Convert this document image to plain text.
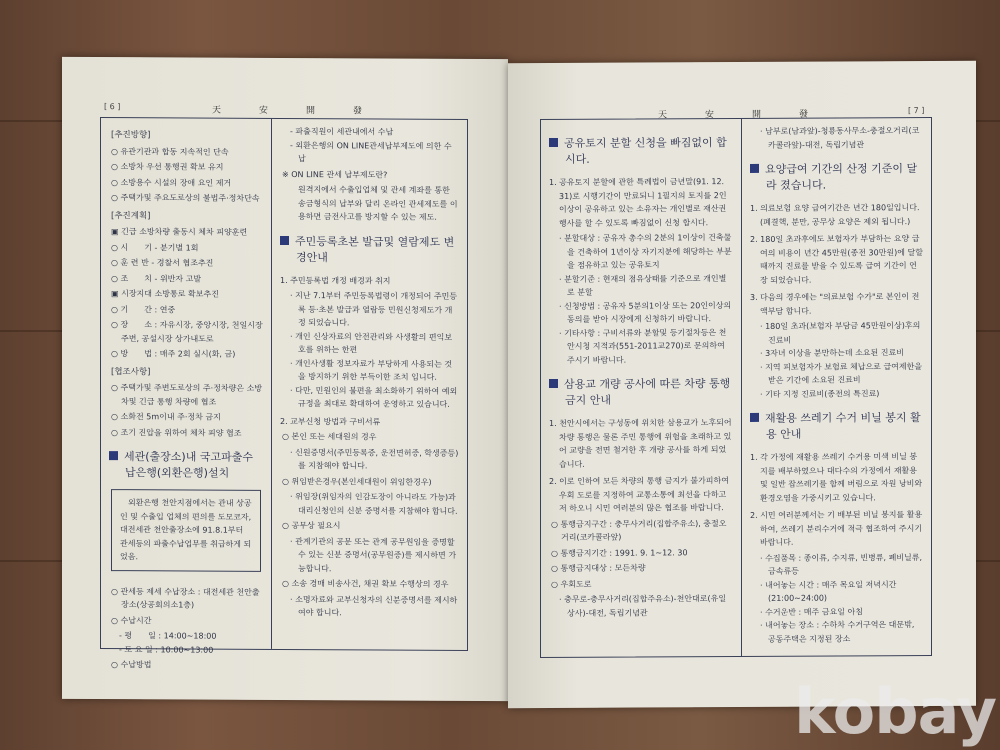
[ 6 ]	天安開發
[추진방향]
○ 유관기관과 합동 지속적인 단속
○ 소방차 우선 통행권 확보 유지
○ 소방용수 시설의 장애 요인 제거
○ 주택가및 주요도로상의 불법주·정차단속
[추진계획]
▣ 긴급 소방차량 출동시 체차 피양훈련
○ 시　　기 - 분기별 1회
○ 훈 련 반 - 경찰서 협조추진
○ 조　　치 - 위반자 고발
▣ 시장지대 소방통로 확보추진
○ 기　　간 : 연중
○ 장　　소 : 자유시장, 중앙시장, 천일시장주변, 공설시장 상가내도로
○ 방　　법 : 매주 2회 실시(화, 금)
[협조사항]
○ 주택가및 주변도로상의 주·정차량은 소방차및 긴급 통행 차량에 협조
○ 소화전 5m이내 주·정차 금지
○ 조기 진압을 위하여 체차 피양 협조
세관(출장소)내 국고파출수납은행(외환은행)설치
외환은행 천안지점에서는 관내 상공인 및 수출입 업체의 편의를 도모코자, 대전세관 천안출장소에 91.8.1부터 관세등의 파출수납업무를 취급하게 되었음.
○ 관세등 제세 수납장소 : 대전세관 천안출장소(상공회의소1층)
○ 수납시간
- 평　　일 : 14:00~18:00
- 토 요 일 : 10:00~13:00
○ 수납방법
- 파출직원이 세관내에서 수납
- 외환은행의 ON LINE관세납부제도에 의한 수납
※ ON LINE 관세 납부제도란?
원격지에서 수출입업체 및 관세 계좌를 통한 송금형식의 납부와 달리 온라인 관세제도를 이용하면 금전사고를 방지할 수 있는 제도.
주민등록초본 발급및 열람제도 변경안내
1. 주민등록법 개정 배경과 취지
· 지난 7.1부터 주민등록법령이 개정되어 주민등록 등·초본 발급과 열람등 민원신청제도가 개정 되었습니다.
· 개인 신상자료의 안전관리와 사생활의 편익보호를 위하는 한편
· 개인사생활 정보자료가 부당하게 사용되는 것을 방지하기 위한 부득이한 조치 입니다.
· 다만, 민원인의 불편을 최소화하기 위하여 예외 규정을 최대로 확대하여 운영하고 있습니다.
2. 교부신청 방법과 구비서류
○ 본인 또는 세대원의 경우
· 신원증명서(주민등록증, 운전면허증, 학생증등)를 지참해야 합니다.
○ 위임받은경우(본인세대원이 위임한경우)
· 위임장(위임자의 인감도장이 아니라도 가능)과 대리신청인의 신분 증명서를 지참해야 합니다.
○ 공무상 필요시
· 관계기관의 공문 또는 관계 공무원임을 증명할 수 있는 신분 증명서(공무원증)를 제시하면 가능합니다.
○ 소송 경매 비송사건, 채권 확보 수행상의 경우
· 소명자료와 교부신청자의 신분증명서를 제시하여야 합니다.
[ 7 ]
天安開發
공유토지 분할 신청을 빠짐없이 합시다.
1. 공유토지 분할에 관한 특례법이 금년말(91. 12. 31)로 시행기간이 만료되니 1필지의 토지를 2인이상이 공유하고 있는 소유자는 개인별로 재산권 행사를 할 수 있도록 빠짐없이 신청 합시다.
· 분할대상 : 공유자 총수의 2분의 1이상이 건축물을 건축하여 1년이상 자기지분에 해당하는 부분을 점유하고 있는 공유토지
· 분할기준 : 현재의 점유상태를 기준으로 개인별로 분할
· 신청방법 : 공유자 5분의1이상 또는 20인이상의 동의를 받아 시장에게 신청하기 바랍니다.
· 기타사항 : 구비서류와 분할및 등기절차등은 천안시청 지적과(551-2011교270)로 문의하여 주시기 바랍니다.
삼용교 개량 공사에 따른 차량 통행금지 안내
1. 천안시에서는 구성동에 위치한 삼용교가 노후되어 차량 통행은 물론 주민 통행에 위험을 초래하고 있어 교량을 전면 철거한 후 개량 공사를 하게 되었습니다.
2. 이로 인하여 모든 차량의 통행 금지가 불가피하여 우회 도로를 지정하여 교통소통에 최선을 다하고저 하오니 시민 여러분의 많은 협조를 바랍니다.
○ 통행금지구간 : 충무사거리(집합주유소), 충절오거리(코카콜라앞)
○ 통행금지기간 : 1991. 9. 1~12. 30
○ 통행금지대상 : 모든차량
○ 우회도로
· 충무로-충무사거리(집합주유소)-천안대로(유일상사)-대전, 독립기념관
· 남부로(남과앞)-청룡동사무소-충절오거리(코카콜라앞)-대전, 독립기념관
요양급여 기간의 산정 기준이 달라 졌습니다.
1. 의료보험 요양 급여기간은 년간 180일입니다.(폐결핵, 분만, 공무상 요양은 제외 됩니다.)
2. 180일 초과후에도 보험자가 부담하는 요양 급여의 비용이 년간 45만원(종전 30만원)에 달할 때까지 진료를 받을 수 있도록 급여 기간이 연장 되었습니다.
3. 다음의 경우에는 "의료보험 수가"로 본인이 전액부담 합니다.
· 180일 초과(보험자 부담금 45만원이상)후의 진료비
· 3자녀 이상을 분만하는데 소요된 진료비
· 지역 피보험자가 보험료 체납으로 급여제한을 받은 기간에 소요된 진료비
· 기타 지정 진료비(종전의 특진료)
재활용 쓰레기 수거 비닐 봉지 활용 안내
1. 각 가정에 재활용 쓰레기 수거용 미색 비닐 봉지를 배부하였으나 대다수의 가정에서 재활용 및 일반 잡쓰레기를 함께 버림으로 자원 낭비와 환경오염을 가중시키고 있습니다.
2. 시민 여러분께서는 기 배부된 비닐 봉지를 활용하여, 쓰레기 분리수거에 적극 협조하여 주시기 바랍니다.
· 수집품목 : 종이류, 수지류, 빈병류, 폐비닐류, 금속류등
· 내어놓는 시간 : 매주 목요일 저녁시간 (21:00~24:00)
· 수거운반 : 매주 금요일 아침
· 내어놓는 장소 : 수하차 수거구역은 대문밖, 공동주택은 지정된 장소
kobay
